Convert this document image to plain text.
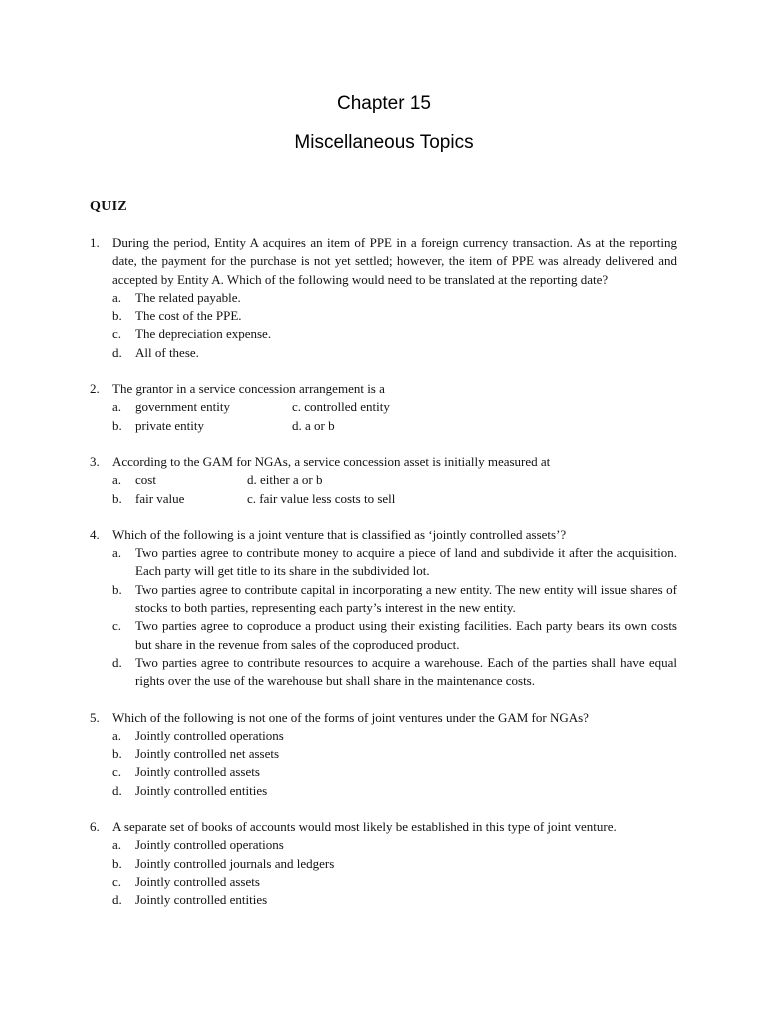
Chapter 15
Miscellaneous Topics
QUIZ
1. During the period, Entity A acquires an item of PPE in a foreign currency transaction. As at the reporting date, the payment for the purchase is not yet settled; however, the item of PPE was already delivered and accepted by Entity A. Which of the following would need to be translated at the reporting date?
a. The related payable.
b. The cost of the PPE.
c. The depreciation expense.
d. All of these.
2. The grantor in a service concession arrangement is a
a. government entity	c. controlled entity
b. private entity	d. a or b
3. According to the GAM for NGAs, a service concession asset is initially measured at
a. cost	d. either a or b
b. fair value	c. fair value less costs to sell
4. Which of the following is a joint venture that is classified as ‘jointly controlled assets’?
a. Two parties agree to contribute money to acquire a piece of land and subdivide it after the acquisition. Each party will get title to its share in the subdivided lot.
b. Two parties agree to contribute capital in incorporating a new entity. The new entity will issue shares of stocks to both parties, representing each party’s interest in the new entity.
c. Two parties agree to coproduce a product using their existing facilities. Each party bears its own costs but share in the revenue from sales of the coproduced product.
d. Two parties agree to contribute resources to acquire a warehouse. Each of the parties shall have equal rights over the use of the warehouse but shall share in the maintenance costs.
5. Which of the following is not one of the forms of joint ventures under the GAM for NGAs?
a. Jointly controlled operations
b. Jointly controlled net assets
c. Jointly controlled assets
d. Jointly controlled entities
6. A separate set of books of accounts would most likely be established in this type of joint venture.
a. Jointly controlled operations
b. Jointly controlled journals and ledgers
c. Jointly controlled assets
d. Jointly controlled entities
